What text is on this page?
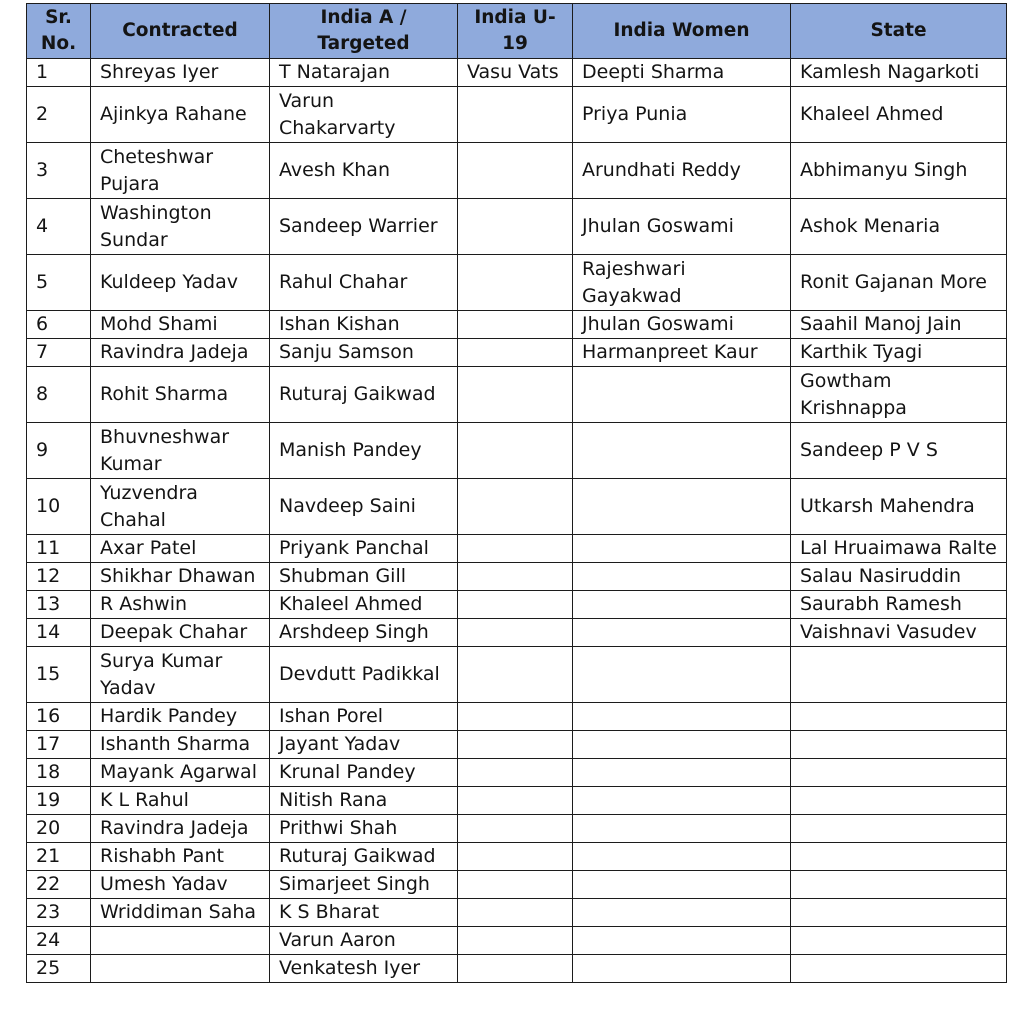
Sr. No.	Contracted	India A / Targeted	India U-19	India Women	State
1	Shreyas Iyer	T Natarajan	Vasu Vats	Deepti Sharma	Kamlesh Nagarkoti
2	Ajinkya Rahane	Varun Chakarvarty		Priya Punia	Khaleel Ahmed
3	Cheteshwar Pujara	Avesh Khan		Arundhati Reddy	Abhimanyu Singh
4	Washington Sundar	Sandeep Warrier		Jhulan Goswami	Ashok Menaria
5	Kuldeep Yadav	Rahul Chahar		Rajeshwari Gayakwad	Ronit Gajanan More
6	Mohd Shami	Ishan Kishan		Jhulan Goswami	Saahil Manoj Jain
7	Ravindra Jadeja	Sanju Samson		Harmanpreet Kaur	Karthik Tyagi
8	Rohit Sharma	Ruturaj Gaikwad			Gowtham Krishnappa
9	Bhuvneshwar Kumar	Manish Pandey			Sandeep P V S
10	Yuzvendra Chahal	Navdeep Saini			Utkarsh Mahendra
11	Axar Patel	Priyank Panchal			Lal Hruaimawa Ralte
12	Shikhar Dhawan	Shubman Gill			Salau Nasiruddin
13	R Ashwin	Khaleel Ahmed			Saurabh Ramesh
14	Deepak Chahar	Arshdeep Singh			Vaishnavi Vasudev
15	Surya Kumar Yadav	Devdutt Padikkal			
16	Hardik Pandey	Ishan Porel			
17	Ishanth Sharma	Jayant Yadav			
18	Mayank Agarwal	Krunal Pandey			
19	K L Rahul	Nitish Rana			
20	Ravindra Jadeja	Prithwi Shah			
21	Rishabh Pant	Ruturaj Gaikwad			
22	Umesh Yadav	Simarjeet Singh			
23	Wriddiman Saha	K S Bharat			
24		Varun Aaron			
25		Venkatesh Iyer			
